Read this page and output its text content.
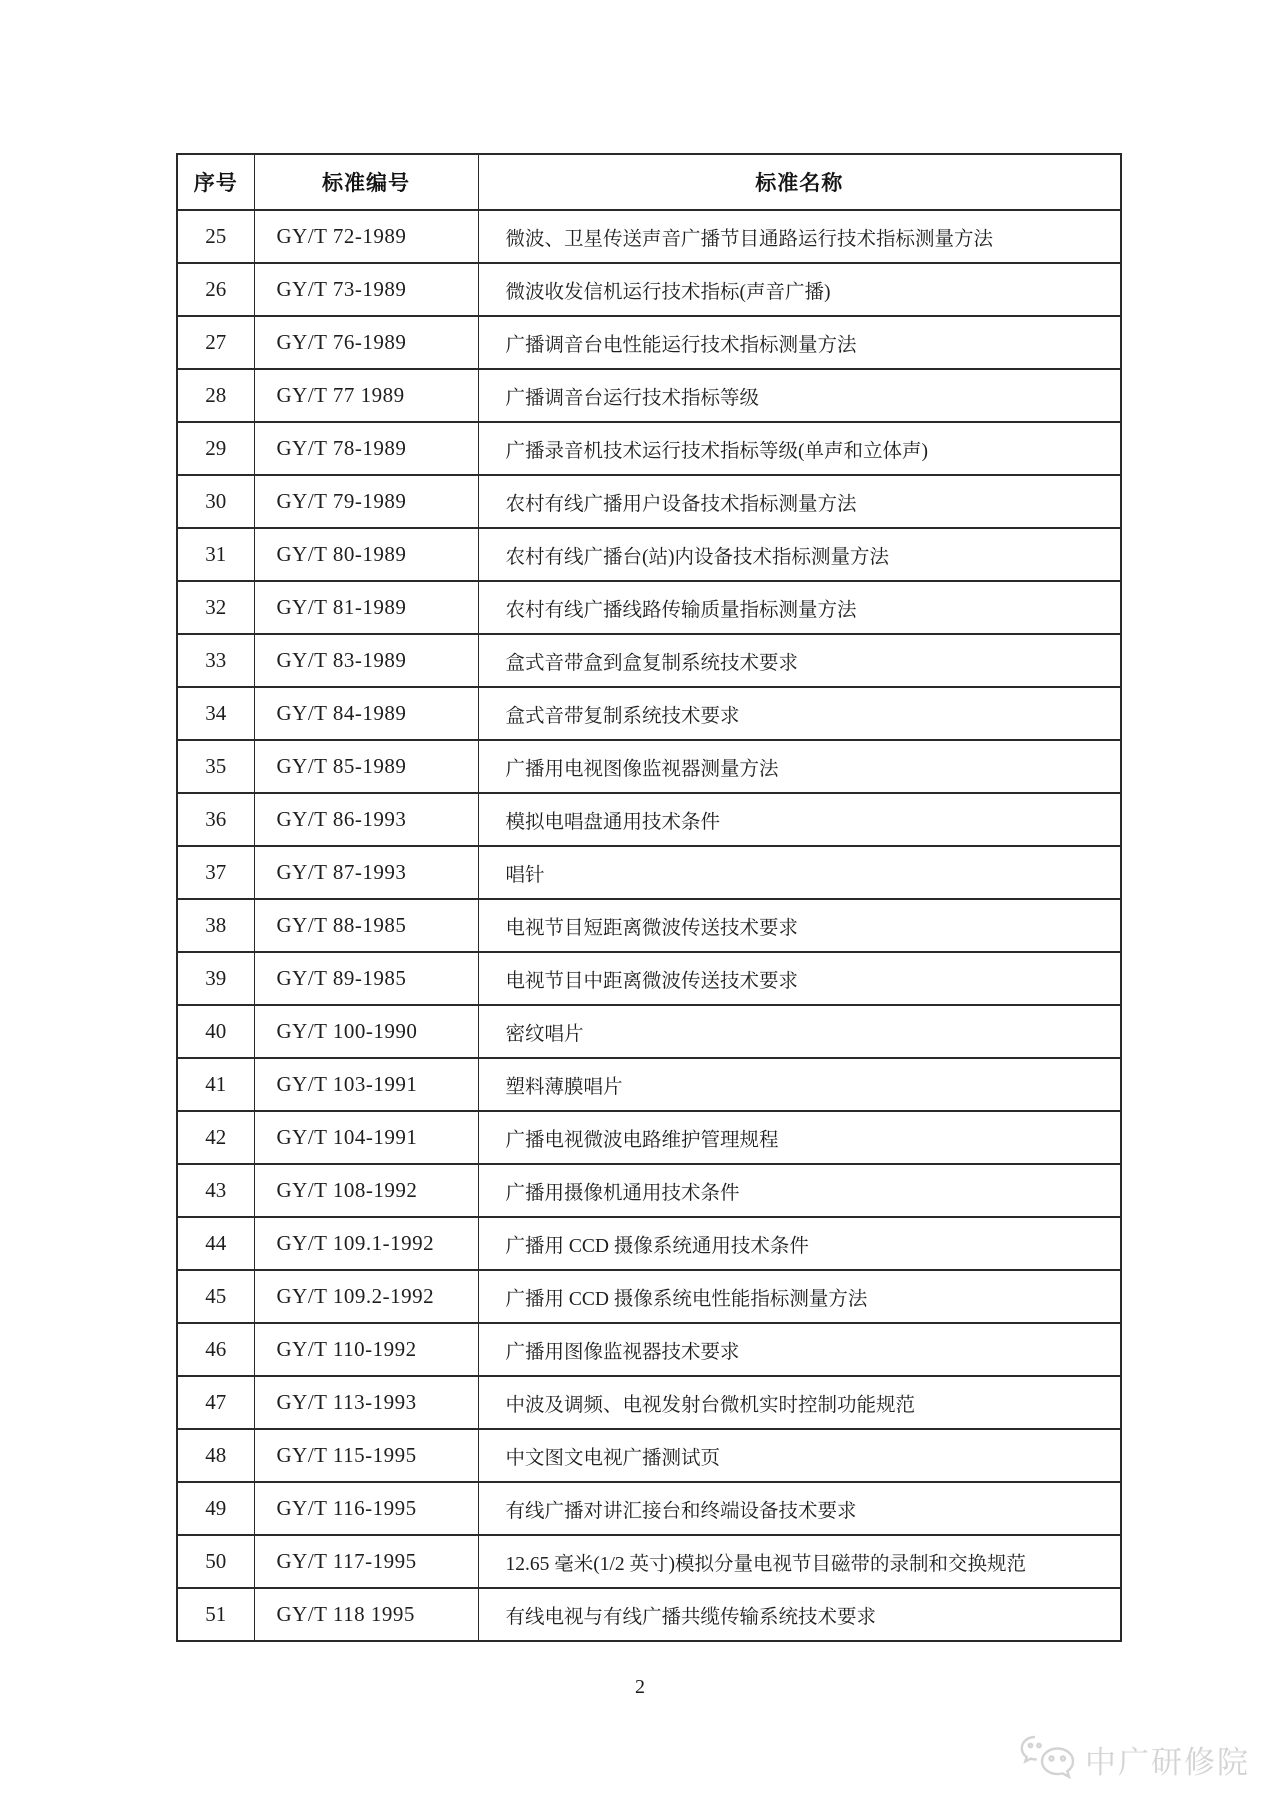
序号	标准编号	标准名称
25	GY/T 72-1989	微波、卫星传送声音广播节目通路运行技术指标测量方法
26	GY/T 73-1989	微波收发信机运行技术指标(声音广播)
27	GY/T 76-1989	广播调音台电性能运行技术指标测量方法
28	GY/T 77 1989	广播调音台运行技术指标等级
29	GY/T 78-1989	广播录音机技术运行技术指标等级(单声和立体声)
30	GY/T 79-1989	农村有线广播用户设备技术指标测量方法
31	GY/T 80-1989	农村有线广播台(站)内设备技术指标测量方法
32	GY/T 81-1989	农村有线广播线路传输质量指标测量方法
33	GY/T 83-1989	盒式音带盒到盒复制系统技术要求
34	GY/T 84-1989	盒式音带复制系统技术要求
35	GY/T 85-1989	广播用电视图像监视器测量方法
36	GY/T 86-1993	模拟电唱盘通用技术条件
37	GY/T 87-1993	唱针
38	GY/T 88-1985	电视节目短距离微波传送技术要求
39	GY/T 89-1985	电视节目中距离微波传送技术要求
40	GY/T 100-1990	密纹唱片
41	GY/T 103-1991	塑料薄膜唱片
42	GY/T 104-1991	广播电视微波电路维护管理规程
43	GY/T 108-1992	广播用摄像机通用技术条件
44	GY/T 109.1-1992	广播用 CCD 摄像系统通用技术条件
45	GY/T 109.2-1992	广播用 CCD 摄像系统电性能指标测量方法
46	GY/T 110-1992	广播用图像监视器技术要求
47	GY/T 113-1993	中波及调频、电视发射台微机实时控制功能规范
48	GY/T 115-1995	中文图文电视广播测试页
49	GY/T 116-1995	有线广播对讲汇接台和终端设备技术要求
50	GY/T 117-1995	12.65 毫米(1/2 英寸)模拟分量电视节目磁带的录制和交换规范
51	GY/T 118 1995	有线电视与有线广播共缆传输系统技术要求
2
中广研修院
